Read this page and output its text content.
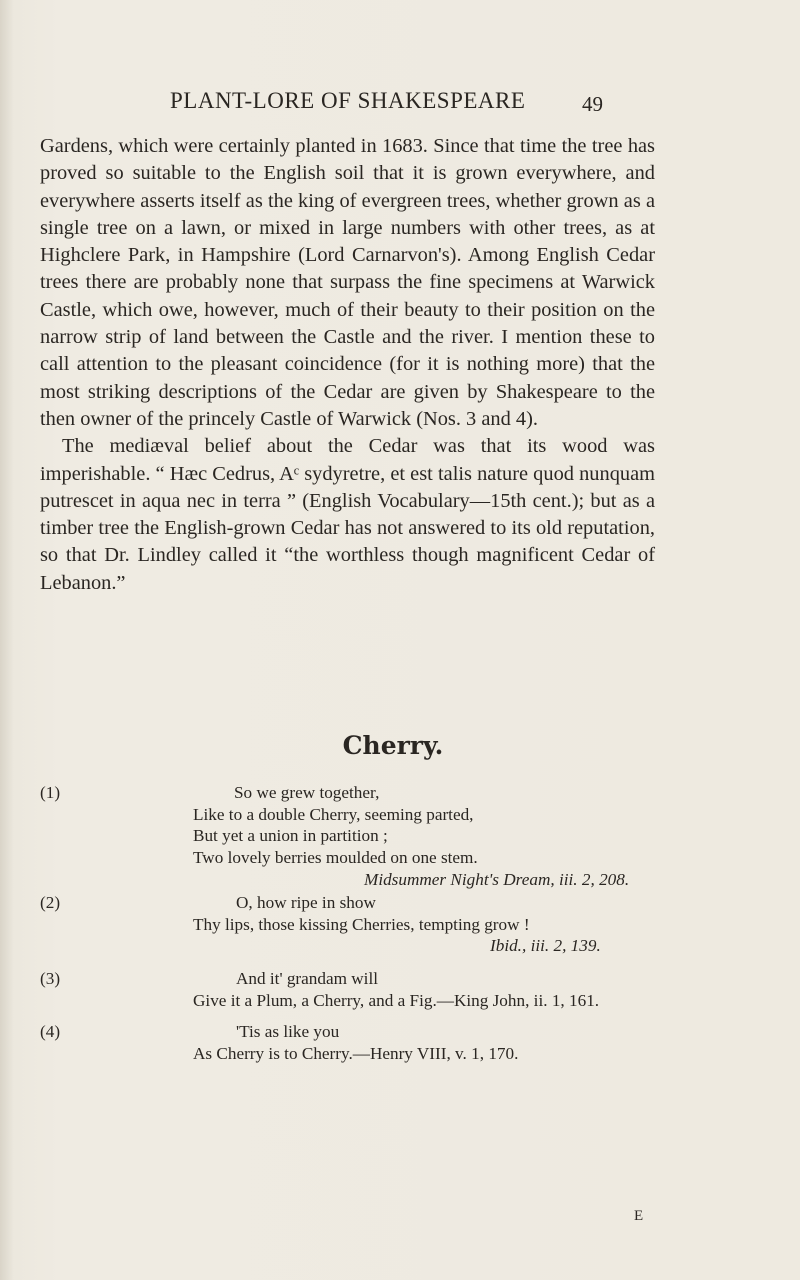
PLANT-LORE OF SHAKESPEARE	49

Gardens, which were certainly planted in 1683. Since that time the tree has proved so suitable to the English soil that it is grown everywhere, and everywhere asserts itself as the king of evergreen trees, whether grown as a single tree on a lawn, or mixed in large numbers with other trees, as at Highclere Park, in Hampshire (Lord Carnarvon's). Among English Cedar trees there are probably none that surpass the fine specimens at Warwick Castle, which owe, however, much of their beauty to their position on the narrow strip of land between the Castle and the river. I mention these to call attention to the pleasant coincidence (for it is nothing more) that the most striking descriptions of the Cedar are given by Shakespeare to the then owner of the princely Castle of Warwick (Nos. 3 and 4).

The mediæval belief about the Cedar was that its wood was imperishable. “ Hæc Cedrus, Aᶜ sydyretre, et est talis nature quod nunquam putrescet in aqua nec in terra ” (English Vocabulary—15th cent.); but as a timber tree the English-grown Cedar has not answered to its old reputation, so that Dr. Lindley called it “the worthless though magnificent Cedar of Lebanon.”

Cherry.
(1)	So we grew together,
Like to a double Cherry, seeming parted,
But yet a union in partition ;
Two lovely berries moulded on one stem.
Midsummer Night's Dream, iii. 2, 208.
(2)	O, how ripe in show
Thy lips, those kissing Cherries, tempting grow !
Ibid., iii. 2, 139.
(3)	And it' grandam will
Give it a Plum, a Cherry, and a Fig.—King John, ii. 1, 161.
(4)	'Tis as like you
As Cherry is to Cherry.—Henry VIII, v. 1, 170.
E
